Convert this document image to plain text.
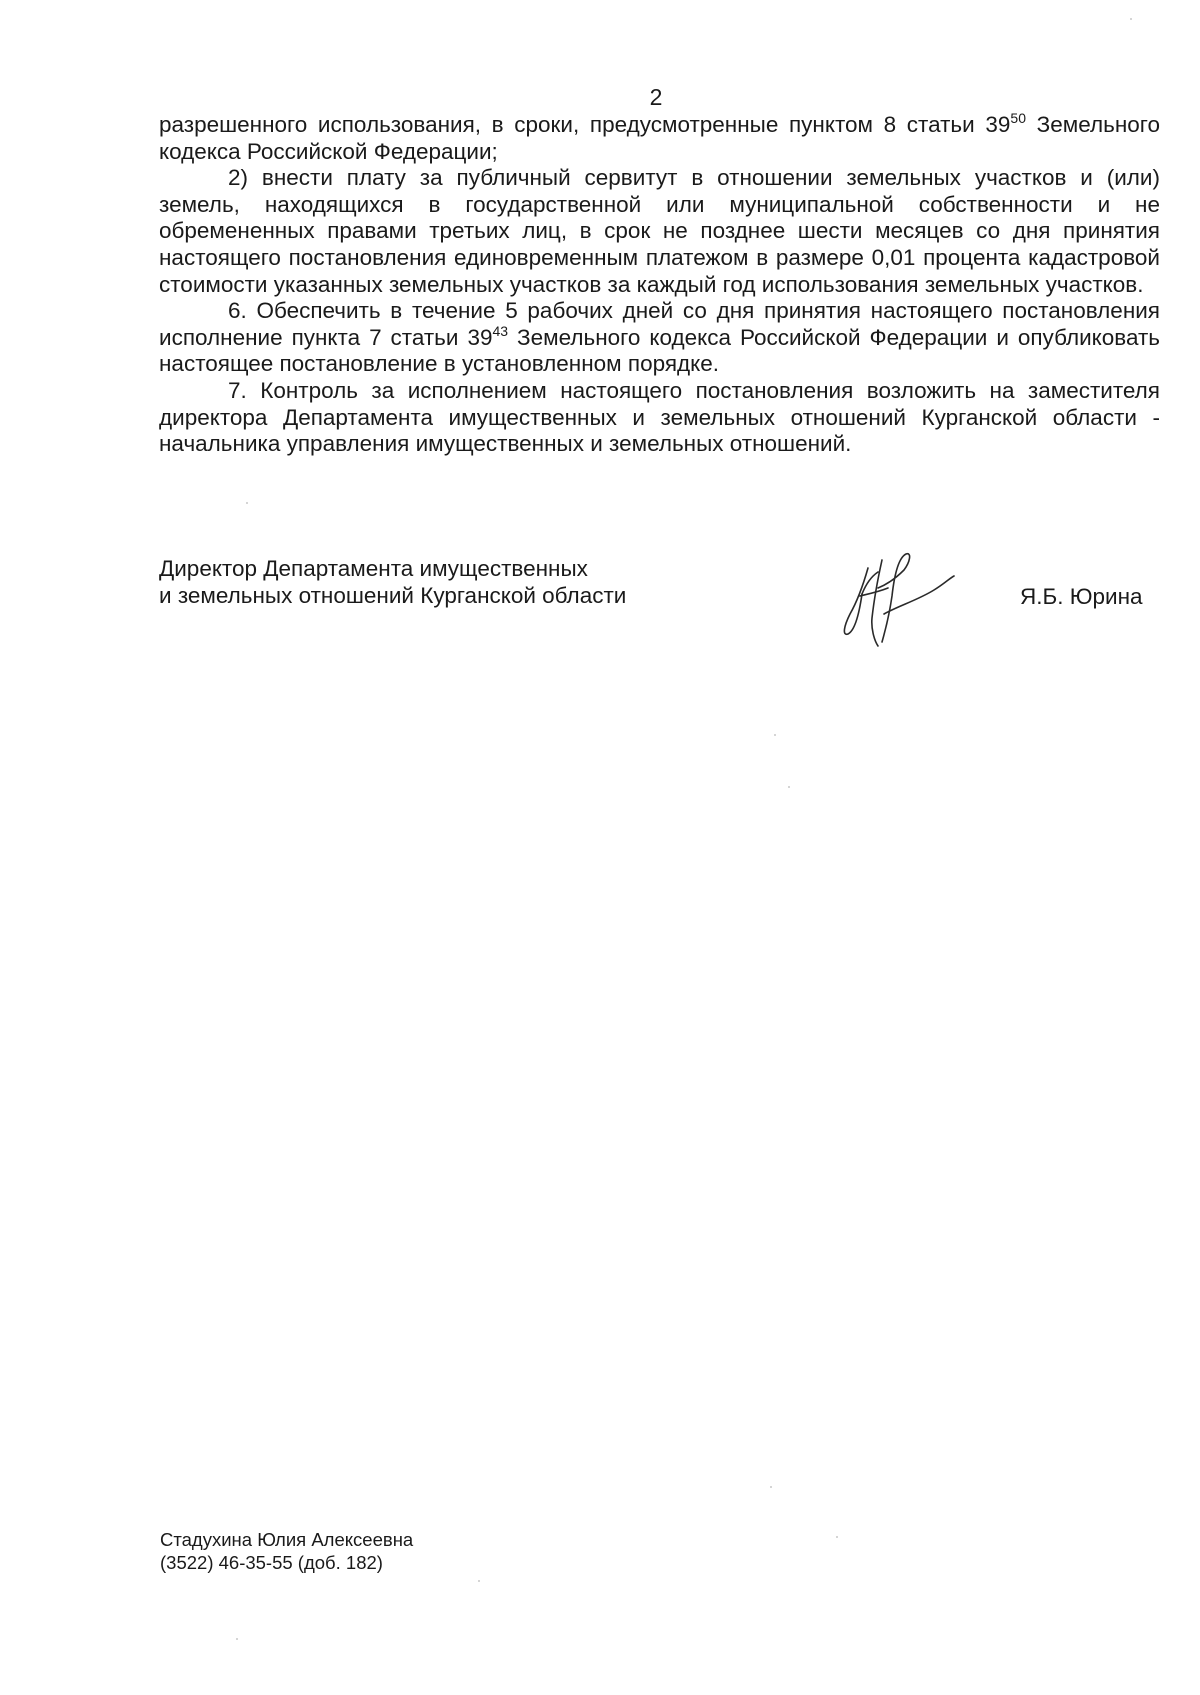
2

разрешенного использования, в сроки, предусмотренные пунктом 8 статьи $39^{50}$ Земельного кодекса Российской Федерации;

2) внести плату за публичный сервитут в отношении земельных участков и (или) земель, находящихся в государственной или муниципальной собственности и не обремененных правами третьих лиц, в срок не позднее шести месяцев со дня принятия настоящего постановления единовременным платежом в размере 0,01 процента кадастровой стоимости указанных земельных участков за каждый год использования земельных участков.

6. Обеспечить в течение 5 рабочих дней со дня принятия настоящего постановления исполнение пункта 7 статьи $39^{43}$ Земельного кодекса Российской Федерации и опубликовать настоящее постановление в установленном порядке.

7. Контроль за исполнением настоящего постановления возложить на заместителя директора Департамента имущественных и земельных отношений Курганской области - начальника управления имущественных и земельных отношений.

Директор Департамента имущественных
и земельных отношений Курганской области	Я.Б. Юрина
Стадухина Юлия Алексеевна
(3522) 46-35-55 (доб. 182)
